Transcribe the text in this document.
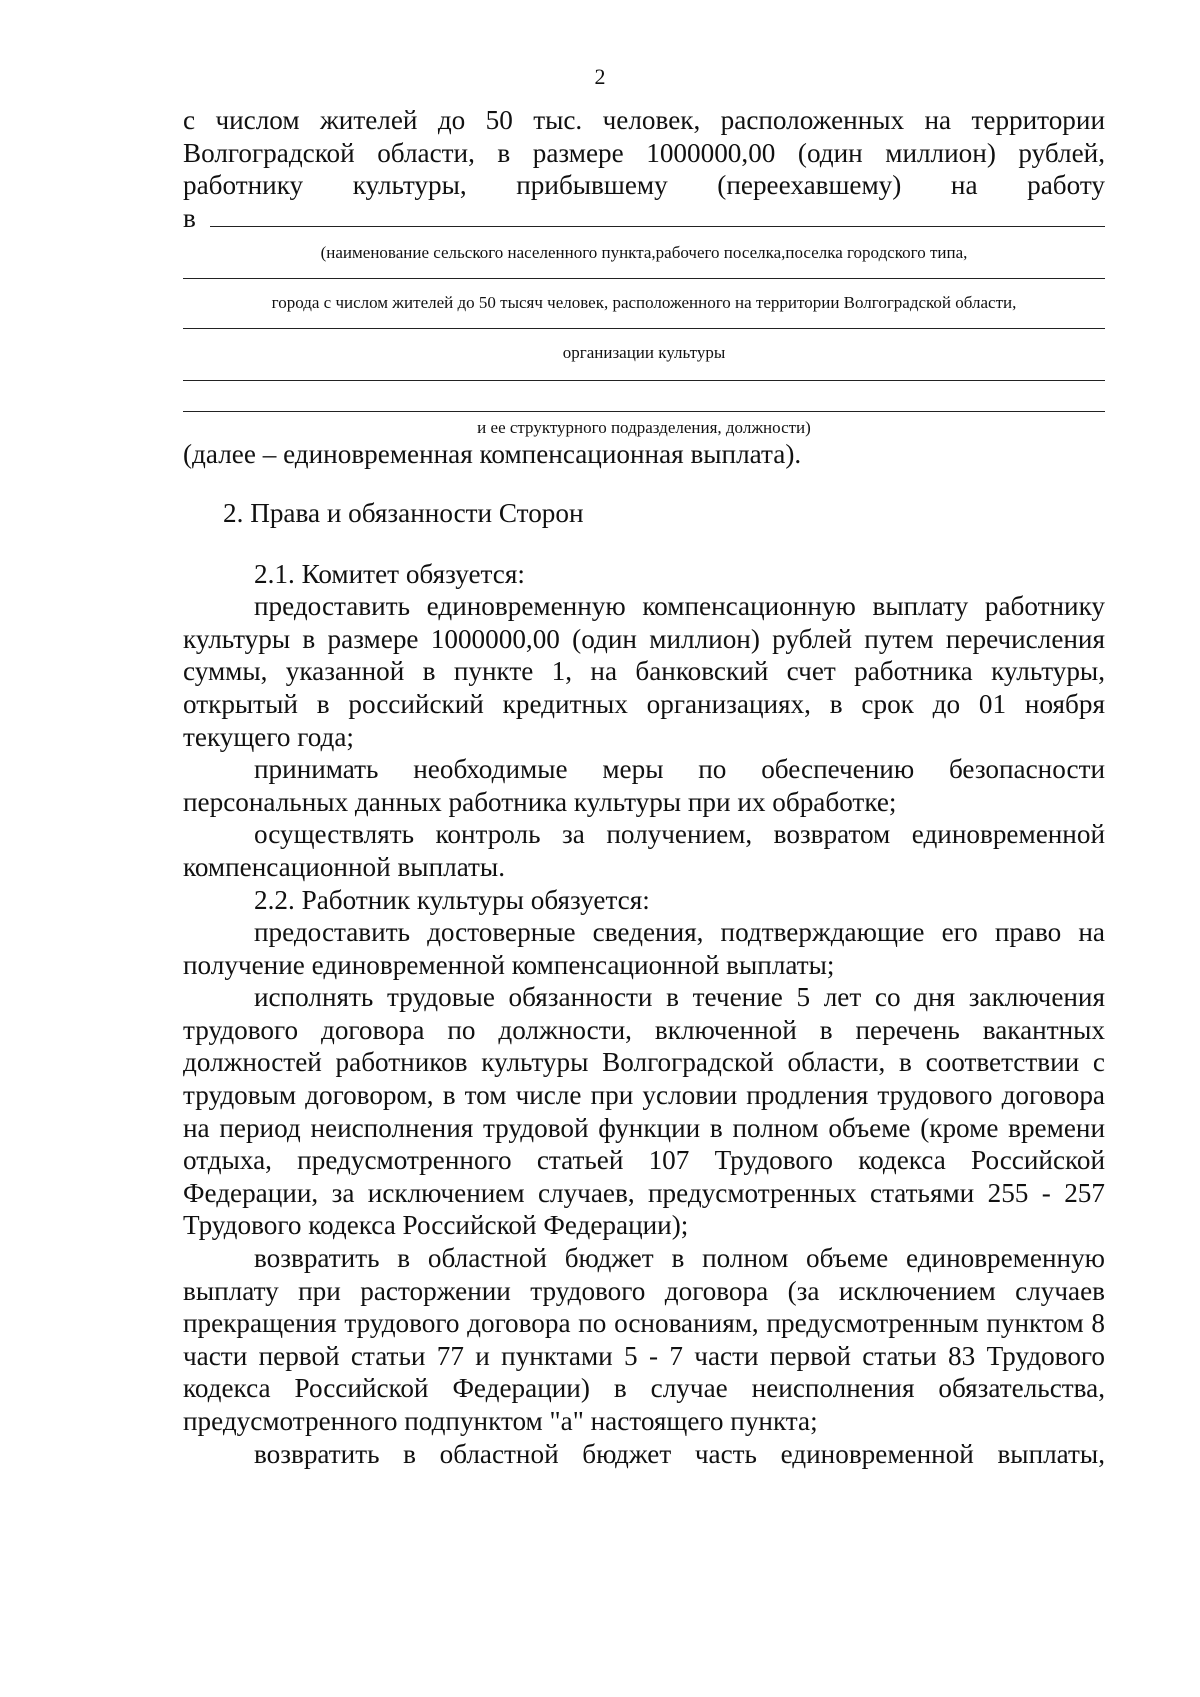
2

с числом жителей до 50 тыс. человек, расположенных на территории Волгоградской области, в размере 1000000,00 (один миллион) рублей, работнику культуры, прибывшему (переехавшему) на работу

в
(наименование сельского населенного пункта,рабочего поселка,поселка городского типа,
города с числом жителей до 50 тысяч человек, расположенного на территории Волгоградской области,
организации культуры
и ее структурного подразделения, должности)

(далее – единовременная компенсационная выплата).

2. Права и обязанности Сторон

2.1. Комитет обязуется:

предоставить единовременную компенсационную выплату работнику культуры в размере 1000000,00 (один миллион) рублей путем перечисления суммы, указанной в пункте 1, на банковский счет работника культуры, открытый в российский кредитных организациях, в срок до 01 ноября текущего года;

принимать необходимые меры по обеспечению безопасности персональных данных работника культуры при их обработке;

осуществлять контроль за получением, возвратом единовременной компенсационной выплаты.

2.2. Работник культуры обязуется:

предоставить достоверные сведения, подтверждающие его право на получение единовременной компенсационной выплаты;

исполнять трудовые обязанности в течение 5 лет со дня заключения трудового договора по должности, включенной в перечень вакантных должностей работников культуры Волгоградской области, в соответствии с трудовым договором, в том числе при условии продления трудового договора на период неисполнения трудовой функции в полном объеме (кроме времени отдыха, предусмотренного статьей 107 Трудового кодекса Российской Федерации, за исключением случаев, предусмотренных статьями 255 - 257 Трудового кодекса Российской Федерации);

возвратить в областной бюджет в полном объеме единовременную выплату при расторжении трудового договора (за исключением случаев прекращения трудового договора по основаниям, предусмотренным пунктом 8 части первой статьи 77 и пунктами 5 - 7 части первой статьи 83 Трудового кодекса Российской Федерации) в случае неисполнения обязательства, предусмотренного подпунктом "а" настоящего пункта;

возвратить в областной бюджет часть единовременной выплаты,
